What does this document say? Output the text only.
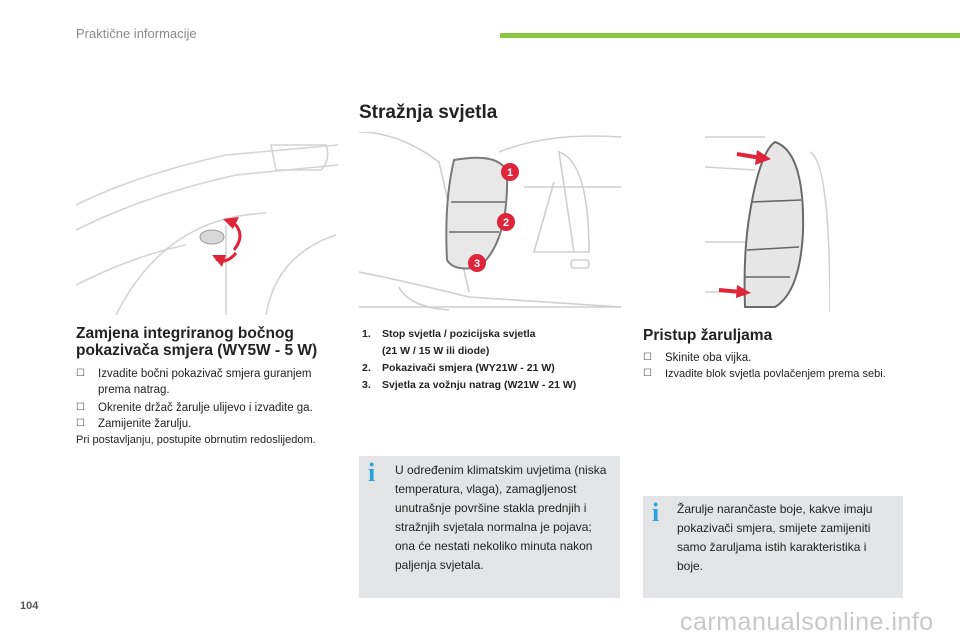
Praktične informacije
Stražnja svjetla
1
2
3
Zamjena integriranog bočnog
pokazivača smjera (WY5W - 5 W)
☐	Izvadite bočni pokazivač smjera guranjem prema natrag.
☐	Okrenite držač žarulje ulijevo i izvadite ga.
☐	Zamijenite žarulju.
Pri postavljanju, postupite obrnutim redoslijedom.
1. Stop svjetla / pozicijska svjetla
(21 W / 15 W ili diode)
2. Pokazivači smjera (WY21W - 21 W)
3. Svjetla za vožnju natrag (W21W - 21 W)
i U određenim klimatskim uvjetima (niska
temperatura, vlaga), zamagljenost
unutrašnje površine stakla prednjih i
stražnjih svjetala normalna je pojava;
ona će nestati nekoliko minuta nakon
paljenja svjetala.
Pristup žaruljama
☐	Skinite oba vijka.
☐	Izvadite blok svjetla povlačenjem prema sebi.
i Žarulje narančaste boje, kakve imaju
pokazivači smjera, smijete zamijeniti
samo žaruljama istih karakteristika i
boje.
104
carmanualsonline.info
